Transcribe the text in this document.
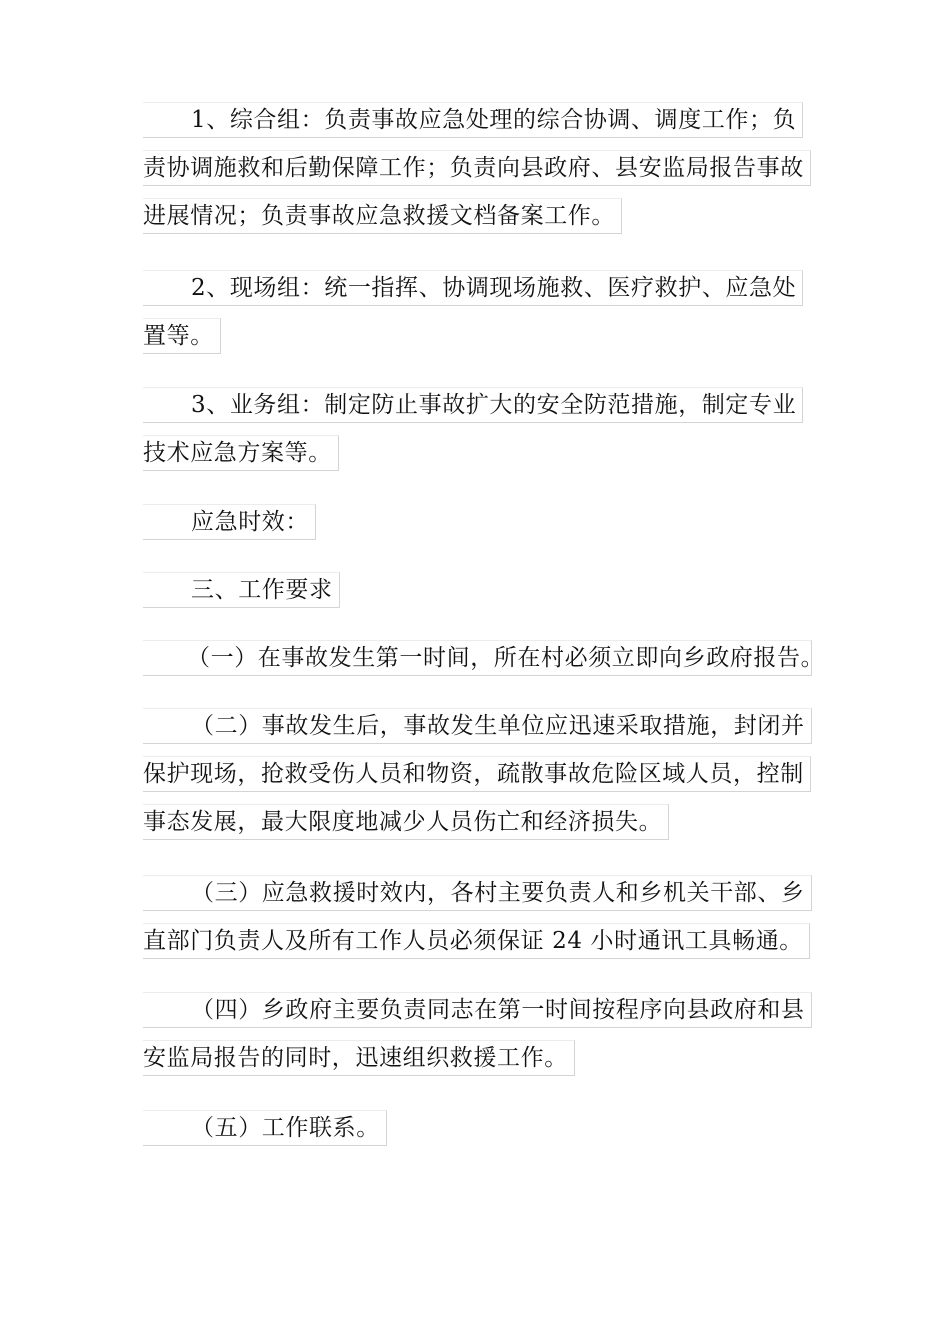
1、综合组：负责事故应急处理的综合协调、调度工作；负
责协调施救和后勤保障工作；负责向县政府、县安监局报告事故
进展情况；负责事故应急救援文档备案工作。
2、现场组：统一指挥、协调现场施救、医疗救护、应急处
置等。
3、业务组：制定防止事故扩大的安全防范措施，制定专业
技术应急方案等。
应急时效：
三、工作要求
（一）在事故发生第一时间，所在村必须立即向乡政府报告。
（二）事故发生后，事故发生单位应迅速采取措施，封闭并
保护现场，抢救受伤人员和物资，疏散事故危险区域人员，控制
事态发展，最大限度地减少人员伤亡和经济损失。
（三）应急救援时效内，各村主要负责人和乡机关干部、乡
直部门负责人及所有工作人员必须保证 24 小时通讯工具畅通。
（四）乡政府主要负责同志在第一时间按程序向县政府和县
安监局报告的同时，迅速组织救援工作。
（五）工作联系。
